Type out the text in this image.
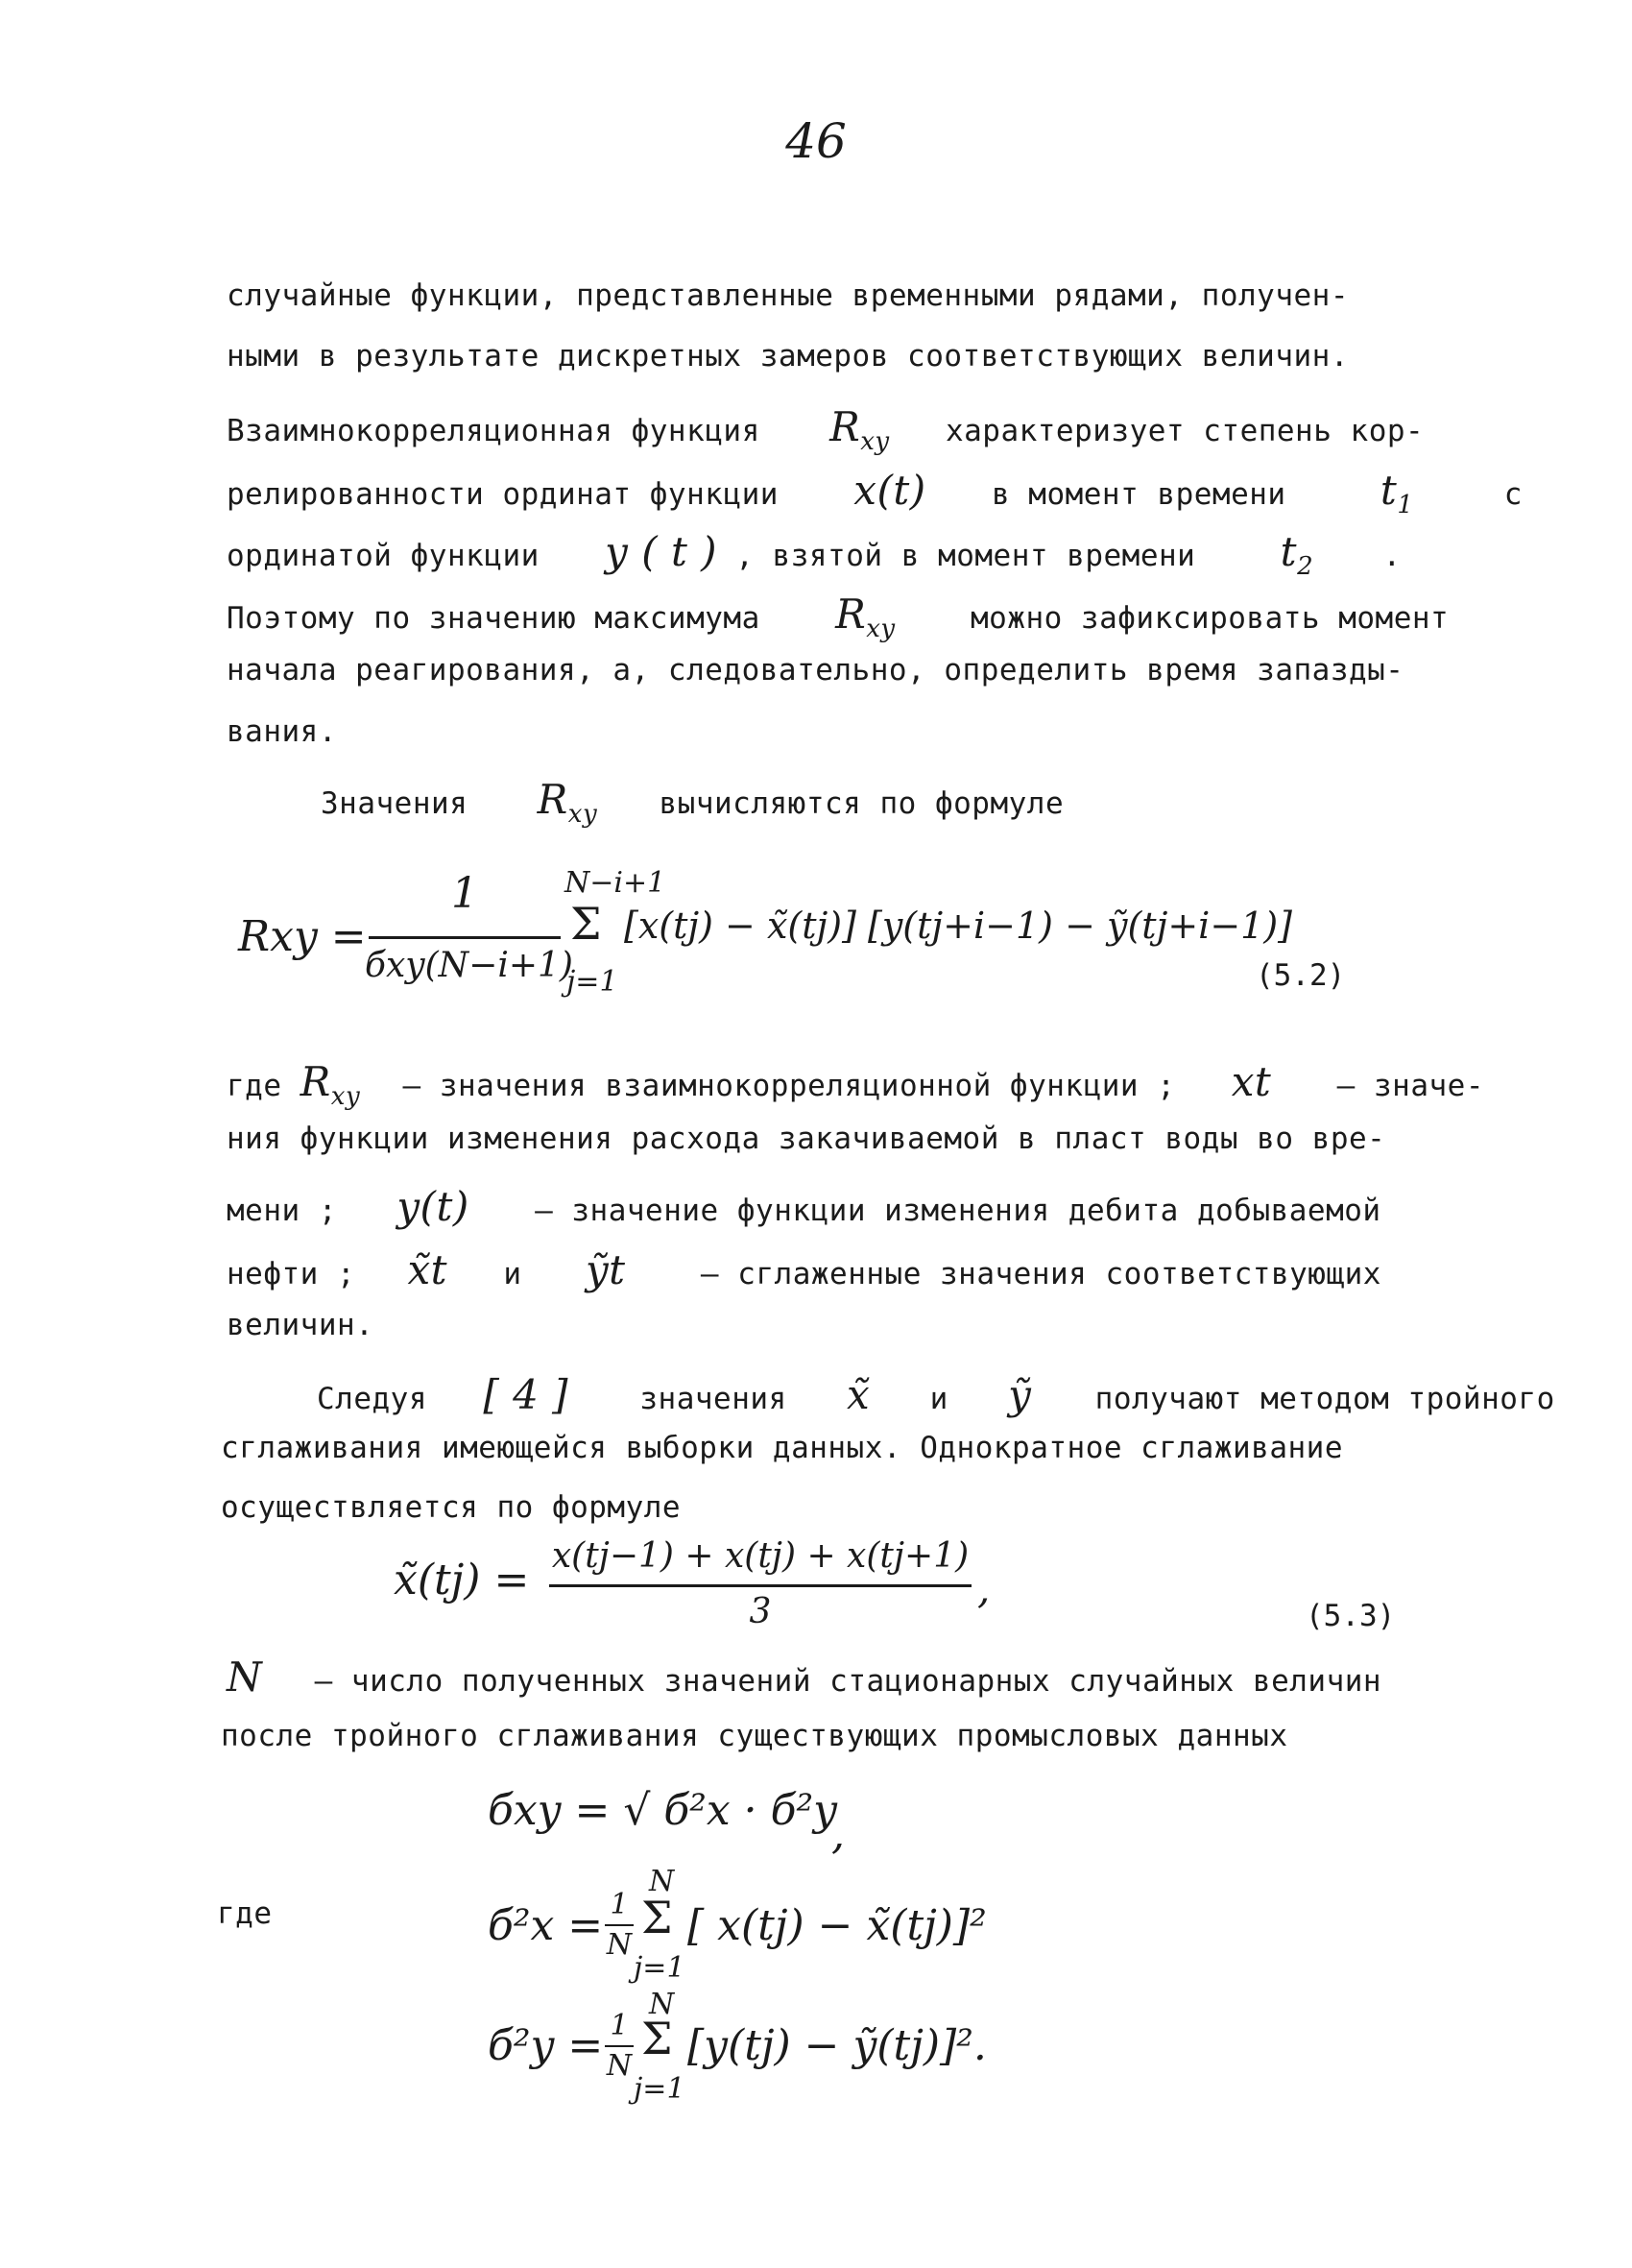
46
случайные функции, представленные временными рядами, получен-
ными в результате дискретных замеров соответствующих величин.
Взаимнокорреляционная функция $R_{xy}$ характеризует степень кор-
релированности ординат функции x(t) в момент времени $t_1$	с
ординатой функции y ( t ) , взятой в момент времени $t_2$ .
Поэтому по значению максимума $R_{xy}$	можно зафиксировать момент
начала реагирования, а, следовательно, определить время запазды-
вания.
Значения $R_{xy}$ вычисляются по формуле
Rxy =
1
бxy(N−i+1)
N−i+1
Σ
j=1
[x(tj) − x̃(tj)] [y(tj+i−1) − ỹ(tj+i−1)]
(5.2)
где $R_{xy}$ – значения взаимнокорреляционной функции ; xt – значе-
ния функции изменения расхода закачиваемой в пласт воды во вре-
мени ; y(t) – значение функции изменения дебита добываемой
нефти ; x̃t и ỹt	– сглаженные значения соответствующих
величин.
Следуя [ 4 ] значения x̃ и ỹ получают методом тройного
сглаживания имеющейся выборки данных. Однократное сглаживание
осуществляется по формуле
x̃(tj) = x(tj−1) + x(tj) + x(tj+1)
3	,
(5.3)
N – число полученных значений стационарных случайных величин
после тройного сглаживания существующих промысловых данных
бxy = √ б²x · б²y
,
где	б²x = 1
N
N
Σ
j=1
[ x(tj) − x̃(tj)]²
б²y = 1
N
N
Σ
j=1
[y(tj) − ỹ(tj)]².
